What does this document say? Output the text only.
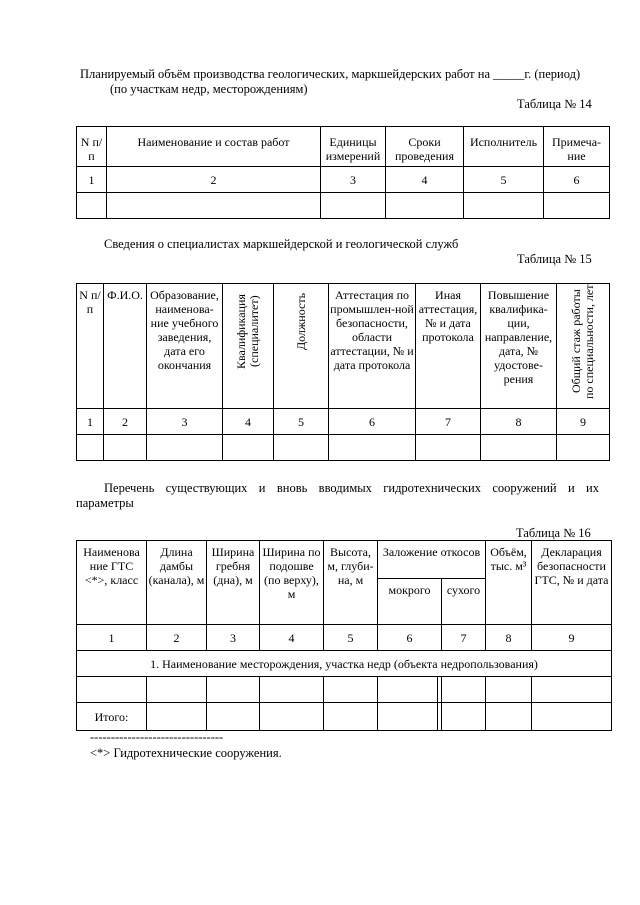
Планируемый объём производства геологических, маркшейдерских работ на _____г. (период)
(по участкам недр, месторождениям)
Таблица № 14
N п/п	Наименование и состав работ	Единицы измерений	Сроки проведения	Исполнитель	Примеча-ние
1	2	3	4	5	6

Сведения о специалистах маркшейдерской и геологической служб
Таблица № 15
N п/п	Ф.И.О.	Образование, наименова-ние учебного заведения, дата его окончания	Квалификация (специалитет)	Должность	Аттестация по промышлен-ной безопасности, области аттестации, № и дата протокола	Иная аттестация, № и дата протокола	Повышение квалифика-ции, направление, дата, № удостове-рения	Общий стаж работы по специальности, лет
1	2	3	4	5	6	7	8	9

Перечень существующих и вновь вводимых гидротехнических сооружений и их
параметры
Таблица № 16
Наименова ние ГТС <*>, класс	Длина дамбы (канала), м	Ширина гребня (дна), м	Ширина по подошве (по верху), м	Высота, м, глуби-на, м	Заложение откосов			Объём, тыс. м³	Декларация безопасности ГТС, № и дата
					мокрого		сухого		
1	2	3	4	5	6		7	8	9
1. Наименование месторождения, участка недр (объекта недропользования)									

Итого:									
--------------------------------
<*> Гидротехнические сооружения.
